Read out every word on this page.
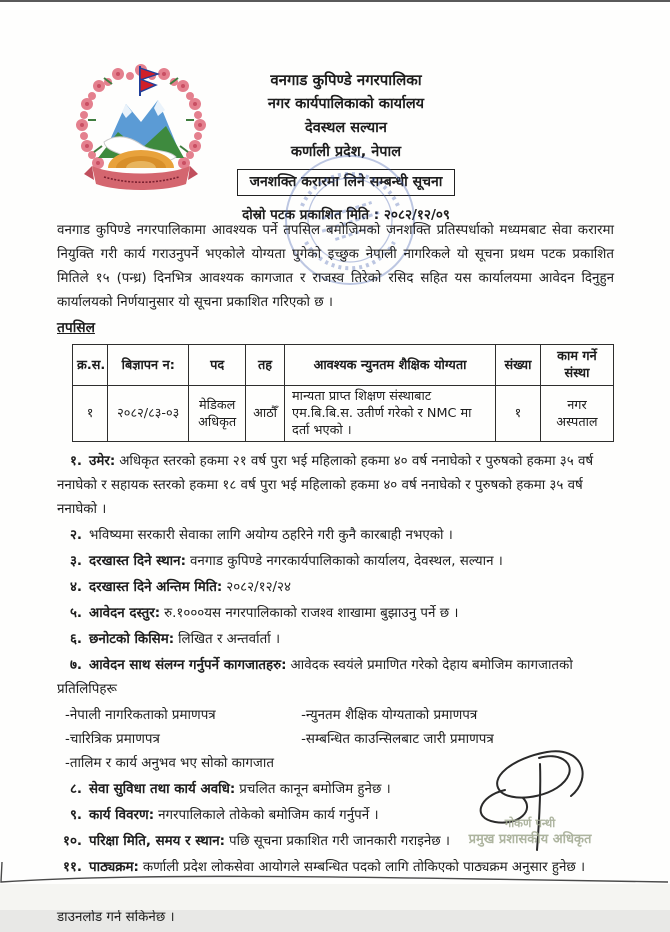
वनगाड कुपिण्डे नगरपालिका
नगर कार्यपालिकाको कार्यालय
देवस्थल सल्यान
कर्णाली प्रदेश, नेपाल
जनशक्ति करारमा लिने सम्बन्धी सूचना
दोस्रो पटक प्रकाशित मिति : २०८२/१२/०९

वनगाड कुपिण्डे नगरपालिकामा आवश्यक पर्ने तपसिल बमोजिमको जनशक्ति प्रतिस्पर्धाको मध्यमबाट सेवा करारमा नियुक्ति गरी कार्य गराउनुपर्ने भएकोले योग्यता पुगेको इच्छुक नेपाली नागरिकले यो सूचना प्रथम पटक प्रकाशित मितिले १५ (पन्ध्र) दिनभित्र आवश्यक कागजात र राजस्व तिरेको रसिद सहित यस कार्यालयमा आवेदन दिनुहुन कार्यालयको निर्णयानुसार यो सूचना प्रकाशित गरिएको छ ।

तपसिल
क्र.स.	बिज्ञापन न:	पद	तह	आवश्यक न्युनतम शैक्षिक योग्यता	संख्या	काम गर्ने संस्था
१	२०८२/८३-०३	मेडिकल अधिकृत	आठौँ	मान्यता प्राप्त शिक्षण संस्थाबाट एम.बि.बि.स. उतीर्ण गरेको र NMC मा दर्ता भएको ।	१	नगर अस्पताल
१. उमेर: अधिकृत स्तरको हकमा २१ वर्ष पुरा भई महिलाको हकमा ४० वर्ष ननाघेको र पुरुषको हकमा ३५ वर्ष ननाघेको र सहायक स्तरको हकमा १८ वर्ष पुरा भई महिलाको हकमा ४० वर्ष ननाघेको र पुरुषको हकमा ३५ वर्ष ननाघेको ।
२. भविष्यमा सरकारी सेवाका लागि अयोग्य ठहरिने गरी कुनै कारबाही नभएको ।
३. दरखास्त दिने स्थान: वनगाड कुपिण्डे नगरकार्यपालिकाको कार्यालय, देवस्थल, सल्यान ।
४. दरखास्त दिने अन्तिम मिति: २०८२/१२/२४
५. आवेदन दस्तुर: रु.१०००यस नगरपालिकाको राजश्व शाखामा बुझाउनु पर्ने छ ।
६. छनोटको किसिम: लिखित र अन्तर्वार्ता ।
७. आवेदन साथ संलग्न गर्नुपर्ने कागजातहरु: आवेदक स्वयंले प्रमाणित गरेको देहाय बमोजिम कागजातको प्रतिलिपिहरू
-नेपाली नागरिकताको प्रमाणपत्र
-चारित्रिक प्रमाणपत्र
-तालिम र कार्य अनुभव भए सोको कागजात
-न्युनतम शैक्षिक योग्यताको प्रमाणपत्र
-सम्बन्धित काउन्सिलबाट जारी प्रमाणपत्र
८. सेवा सुविधा तथा कार्य अवधि: प्रचलित कानून बमोजिम हुनेछ ।
९. कार्य विवरण: नगरपालिकाले तोकेको बमोजिम कार्य गर्नुपर्ने ।
१०. परिक्षा मिति, समय र स्थान: पछि सूचना प्रकाशित गरी जानकारी गराइनेछ ।
११. पाठ्यक्रम: कर्णाली प्रदेश लोकसेवा आयोगले सम्बन्धित पदको लागि तोकिएको पाठ्यक्रम अनुसार हुनेछ ।
डाउनलोड गर्न सकिनेछ ।
गोकर्ण पन्थी
प्रमुख प्रशासकीय अधिकृत
